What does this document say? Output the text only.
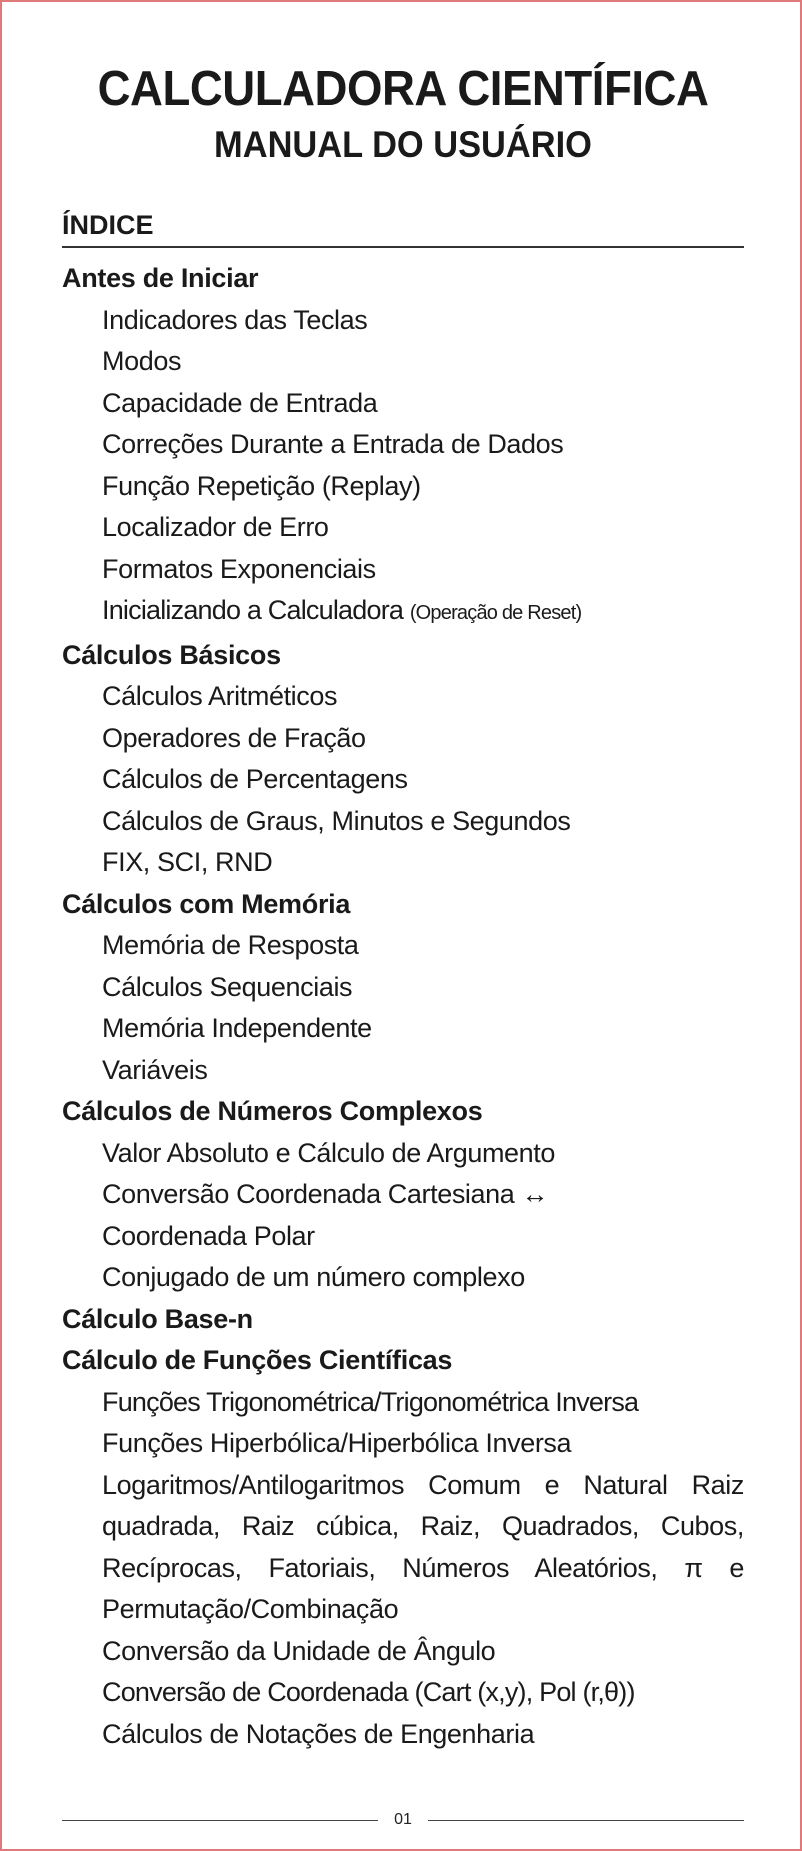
CALCULADORA CIENTÍFICA
MANUAL DO USUÁRIO
ÍNDICE
Antes de Iniciar
Indicadores das Teclas
Modos
Capacidade de Entrada
Correções Durante a Entrada de Dados
Função Repetição (Replay)
Localizador de Erro
Formatos Exponenciais
Inicializando a Calculadora (Operação de Reset)
Cálculos Básicos
Cálculos Aritméticos
Operadores de Fração
Cálculos de Percentagens
Cálculos de Graus, Minutos e Segundos
FIX, SCI, RND
Cálculos com Memória
Memória de Resposta
Cálculos Sequenciais
Memória Independente
Variáveis
Cálculos de Números Complexos
Valor Absoluto e Cálculo de Argumento
Conversão Coordenada Cartesiana ↔
Coordenada Polar
Conjugado de um número complexo
Cálculo Base-n
Cálculo de Funções Científicas
Funções Trigonométrica/Trigonométrica Inversa
Funções Hiperbólica/Hiperbólica Inversa
Logaritmos/Antilogaritmos Comum e Natural Raiz quadrada, Raiz cúbica, Raiz, Quadrados, Cubos, Recíprocas, Fatoriais, Números Aleatórios, π e Permutação/Combinação
Conversão da Unidade de Ângulo
Conversão de Coordenada (Cart (x,y), Pol (r,θ))
Cálculos de Notações de Engenharia
01
